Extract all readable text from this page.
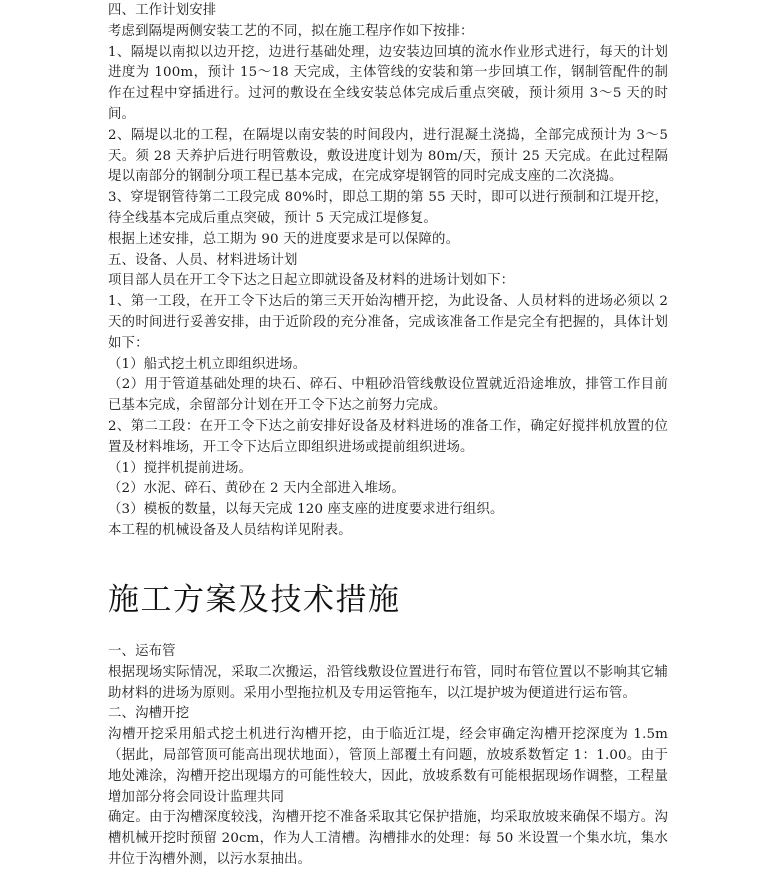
四、工作计划安排

考虑到隔堤两侧安装工艺的不同，拟在施工程序作如下按排：

1、隔堤以南拟以边开挖，边进行基础处理，边安装边回填的流水作业形式进行，每天的计划进度为 100m，预计 15～18 天完成，主体管线的安装和第一步回填工作，钢制管配件的制作在过程中穿插进行。过河的敷设在全线安装总体完成后重点突破，预计须用 3～5 天的时间。

2、隔堤以北的工程，在隔堤以南安装的时间段内，进行混凝土浇捣，全部完成预计为 3～5 天。须 28 天养护后进行明管敷设，敷设进度计划为 80m/天，预计 25 天完成。在此过程隔堤以南部分的钢制分项工程已基本完成，在完成穿堤钢管的同时完成支座的二次浇捣。

3、穿堤钢管待第二工段完成 80%时，即总工期的第 55 天时，即可以进行预制和江堤开挖，待全线基本完成后重点突破，预计 5 天完成江堤修复。

根据上述安排，总工期为 90 天的进度要求是可以保障的。

五、设备、人员、材料进场计划

项目部人员在开工令下达之日起立即就设备及材料的进场计划如下：

1、第一工段，在开工令下达后的第三天开始沟槽开挖，为此设备、人员材料的进场必须以 2 天的时间进行妥善安排，由于近阶段的充分准备，完成该准备工作是完全有把握的，具体计划如下：

（1）船式挖土机立即组织进场。

（2）用于管道基础处理的块石、碎石、中粗砂沿管线敷设位置就近沿途堆放，排管工作目前已基本完成，余留部分计划在开工令下达之前努力完成。

2、第二工段：在开工令下达之前安排好设备及材料进场的准备工作，确定好搅拌机放置的位置及材料堆场，开工令下达后立即组织进场或提前组织进场。

（1）搅拌机提前进场。

（2）水泥、碎石、黄砂在 2 天内全部进入堆场。

（3）模板的数量，以每天完成 120 座支座的进度要求进行组织。

本工程的机械设备及人员结构详见附表。

施工方案及技术措施

一、运布管

根据现场实际情况，采取二次搬运，沿管线敷设位置进行布管，同时布管位置以不影响其它辅助材料的进场为原则。采用小型拖拉机及专用运管拖车，以江堤护坡为便道进行运布管。

二、沟槽开挖

沟槽开挖采用船式挖土机进行沟槽开挖，由于临近江堤，经会审确定沟槽开挖深度为 1.5m（据此，局部管顶可能高出现状地面），管顶上部覆土有问题，放坡系数暂定 1：1.00。由于地处滩涂，沟槽开挖出现塌方的可能性较大，因此，放坡系数有可能根据现场作调整，工程量增加部分将会同设计监理共同

确定。由于沟槽深度较浅，沟槽开挖不准备采取其它保护措施，均采取放坡来确保不塌方。沟槽机械开挖时预留 20cm，作为人工清槽。沟槽排水的处理：每 50 米设置一个集水坑，集水井位于沟槽外测，以污水泵抽出。
